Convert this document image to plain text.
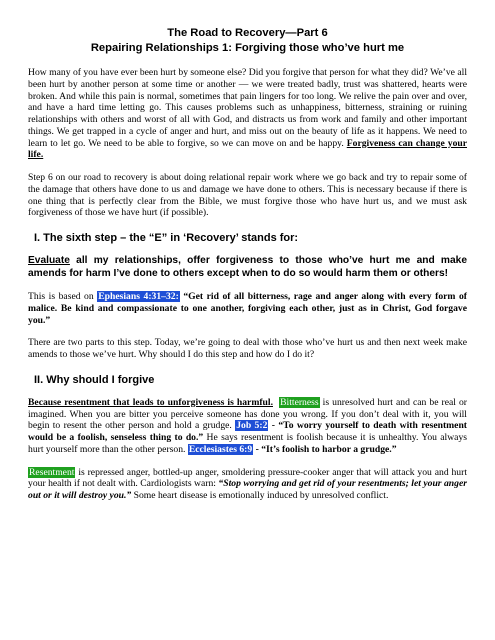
The Road to Recovery—Part 6
Repairing Relationships 1: Forgiving those who’ve hurt me

How many of you have ever been hurt by someone else? Did you forgive that person for what they did? We’ve all been hurt by another person at some time or another — we were treated badly, trust was shattered, hearts were broken. And while this pain is normal, sometimes that pain lingers for too long. We relive the pain over and over, and have a hard time letting go. This causes problems such as unhappiness, bitterness, straining or ruining relationships with others and worst of all with God, and distracts us from work and family and other important things. We get trapped in a cycle of anger and hurt, and miss out on the beauty of life as it happens. We need to learn to let go. We need to be able to forgive, so we can move on and be happy. Forgiveness can change your life.

Step 6 on our road to recovery is about doing relational repair work where we go back and try to repair some of the damage that others have done to us and damage we have done to others. This is necessary because if there is one thing that is perfectly clear from the Bible, we must forgive those who have hurt us, and we must ask forgiveness of those we have hurt (if possible).

I. The sixth step – the “E” in ‘Recovery’ stands for:

Evaluate all my relationships, offer forgiveness to those who’ve hurt me and make amends for harm I’ve done to others except when to do so would harm them or others!

This is based on Ephesians 4:31–32: “Get rid of all bitterness, rage and anger along with every form of malice. Be kind and compassionate to one another, forgiving each other, just as in Christ, God forgave you.”

There are two parts to this step. Today, we’re going to deal with those who’ve hurt us and then next week make amends to those we’ve hurt. Why should I do this step and how do I do it?

II. Why should I forgive

Because resentment that leads to unforgiveness is harmful. Bitterness is unresolved hurt and can be real or imagined. When you are bitter you perceive someone has done you wrong. If you don’t deal with it, you will begin to resent the other person and hold a grudge. Job 5:2 - “To worry yourself to death with resentment would be a foolish, senseless thing to do.” He says resentment is foolish because it is unhealthy. You always hurt yourself more than the other person. Ecclesiastes 6:9 - “It’s foolish to harbor a grudge.”

Resentment is repressed anger, bottled-up anger, smoldering pressure-cooker anger that will attack you and hurt your health if not dealt with. Cardiologists warn: “Stop worrying and get rid of your resentments; let your anger out or it will destroy you.” Some heart disease is emotionally induced by unresolved conflict.
